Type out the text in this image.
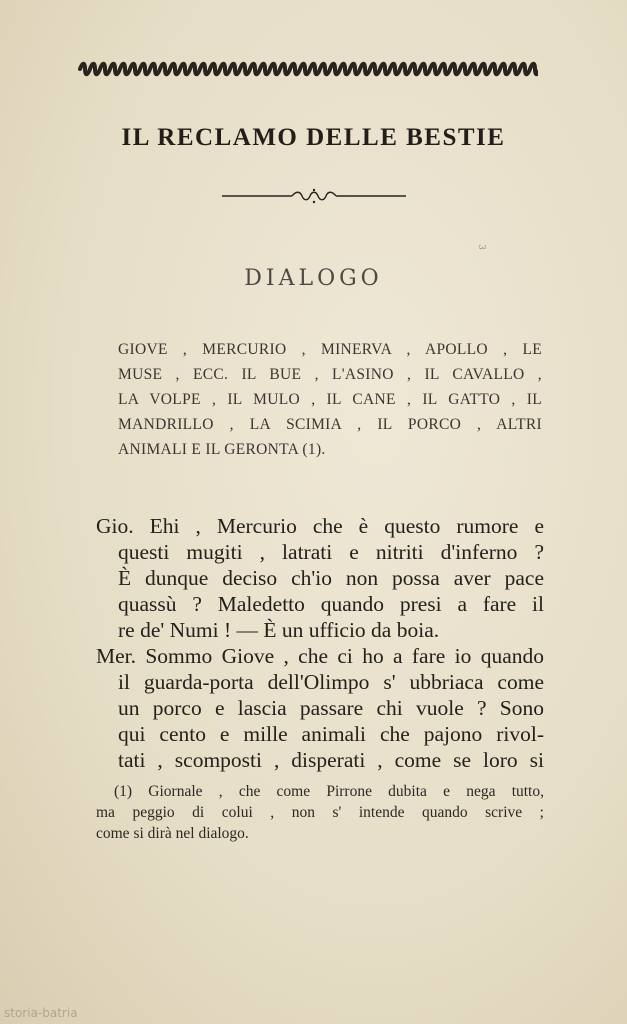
IL RECLAMO DELLE BESTIE
3
DIALOGO
GIOVE , MERCURIO , MINERVA , APOLLO , LE
MUSE , ECC. IL BUE , L'ASINO , IL CAVALLO ,
LA VOLPE , IL MULO , IL CANE , IL GATTO , IL
MANDRILLO , LA SCIMIA , IL PORCO , ALTRI
ANIMALI E IL GERONTA (1).
Gio. Ehi , Mercurio che è questo rumore e
questi mugiti , latrati e nitriti d'inferno ?
È dunque deciso ch'io non possa aver pace
quassù ? Maledetto quando presi a fare il
re de' Numi ! — È un ufficio da boia.
Mer. Sommo Giove , che ci ho a fare io quando
il guarda-porta dell'Olimpo s' ubbriaca come
un porco e lascia passare chi vuole ? Sono
qui cento e mille animali che pajono rivol-
tati , scomposti , disperati , come se loro si
(1) Giornale , che come Pirrone dubita e nega tutto,
ma peggio di colui , non s' intende quando scrive ;
come si dirà nel dialogo.
storia-batria
